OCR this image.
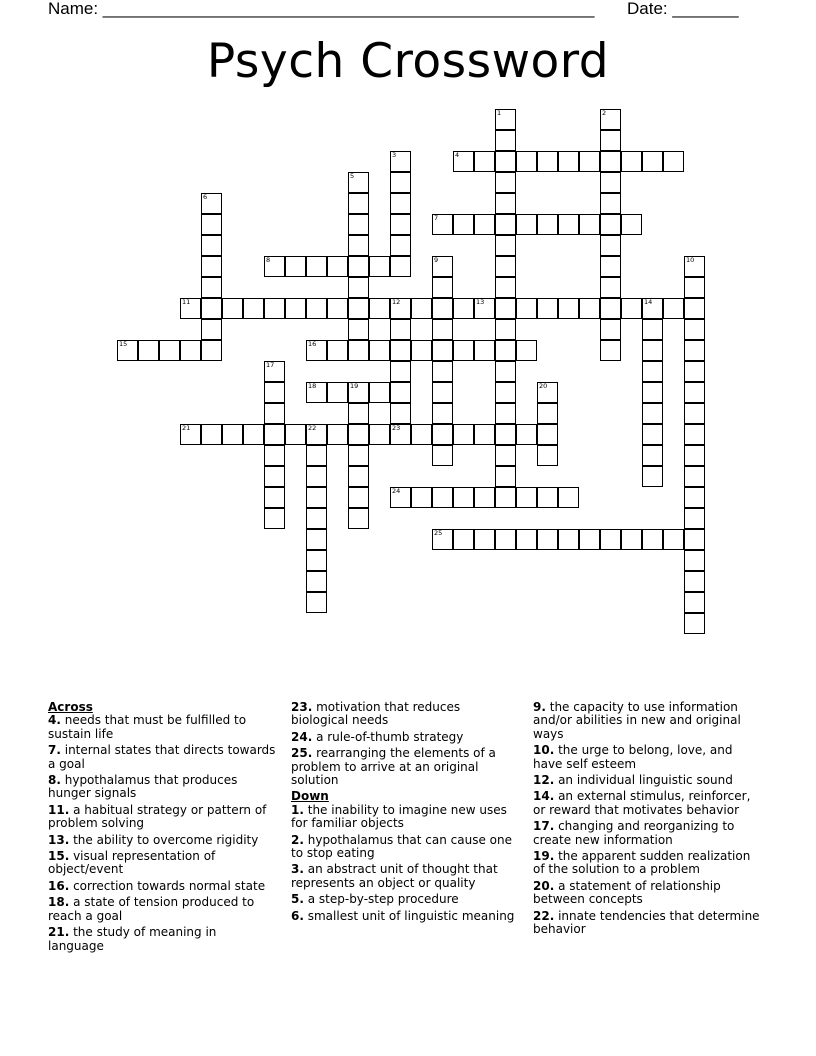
Name: ____________________________________________________ Date: _______
Psych Crossword
1	2
3	4
5
6
7
8	9	10
11	12	13
23
14
15	16
17
18	19	20
21	22
24
25

Across

4. needs that must be fulfilled to sustain life

7. internal states that directs towards a goal

8. hypothalamus that produces hunger signals

11. a habitual strategy or pattern of problem solving

13. the ability to overcome rigidity

15. visual representation of object/event

16. correction towards normal state

18. a state of tension produced to reach a goal

21. the study of meaning in language

23. motivation that reduces biological needs

24. a rule-of-thumb strategy

25. rearranging the elements of a problem to arrive at an original solution

Down

1. the inability to imagine new uses for familiar objects

2. hypothalamus that can cause one to stop eating

3. an abstract unit of thought that represents an object or quality

5. a step-by-step procedure

6. smallest unit of linguistic meaning

9. the capacity to use information and/or abilities in new and original ways

10. the urge to belong, love, and have self esteem

12. an individual linguistic sound

14. an external stimulus, reinforcer, or reward that motivates behavior

17. changing and reorganizing to create new information

19. the apparent sudden realization of the solution to a problem

20. a statement of relationship between concepts

22. innate tendencies that determine behavior
